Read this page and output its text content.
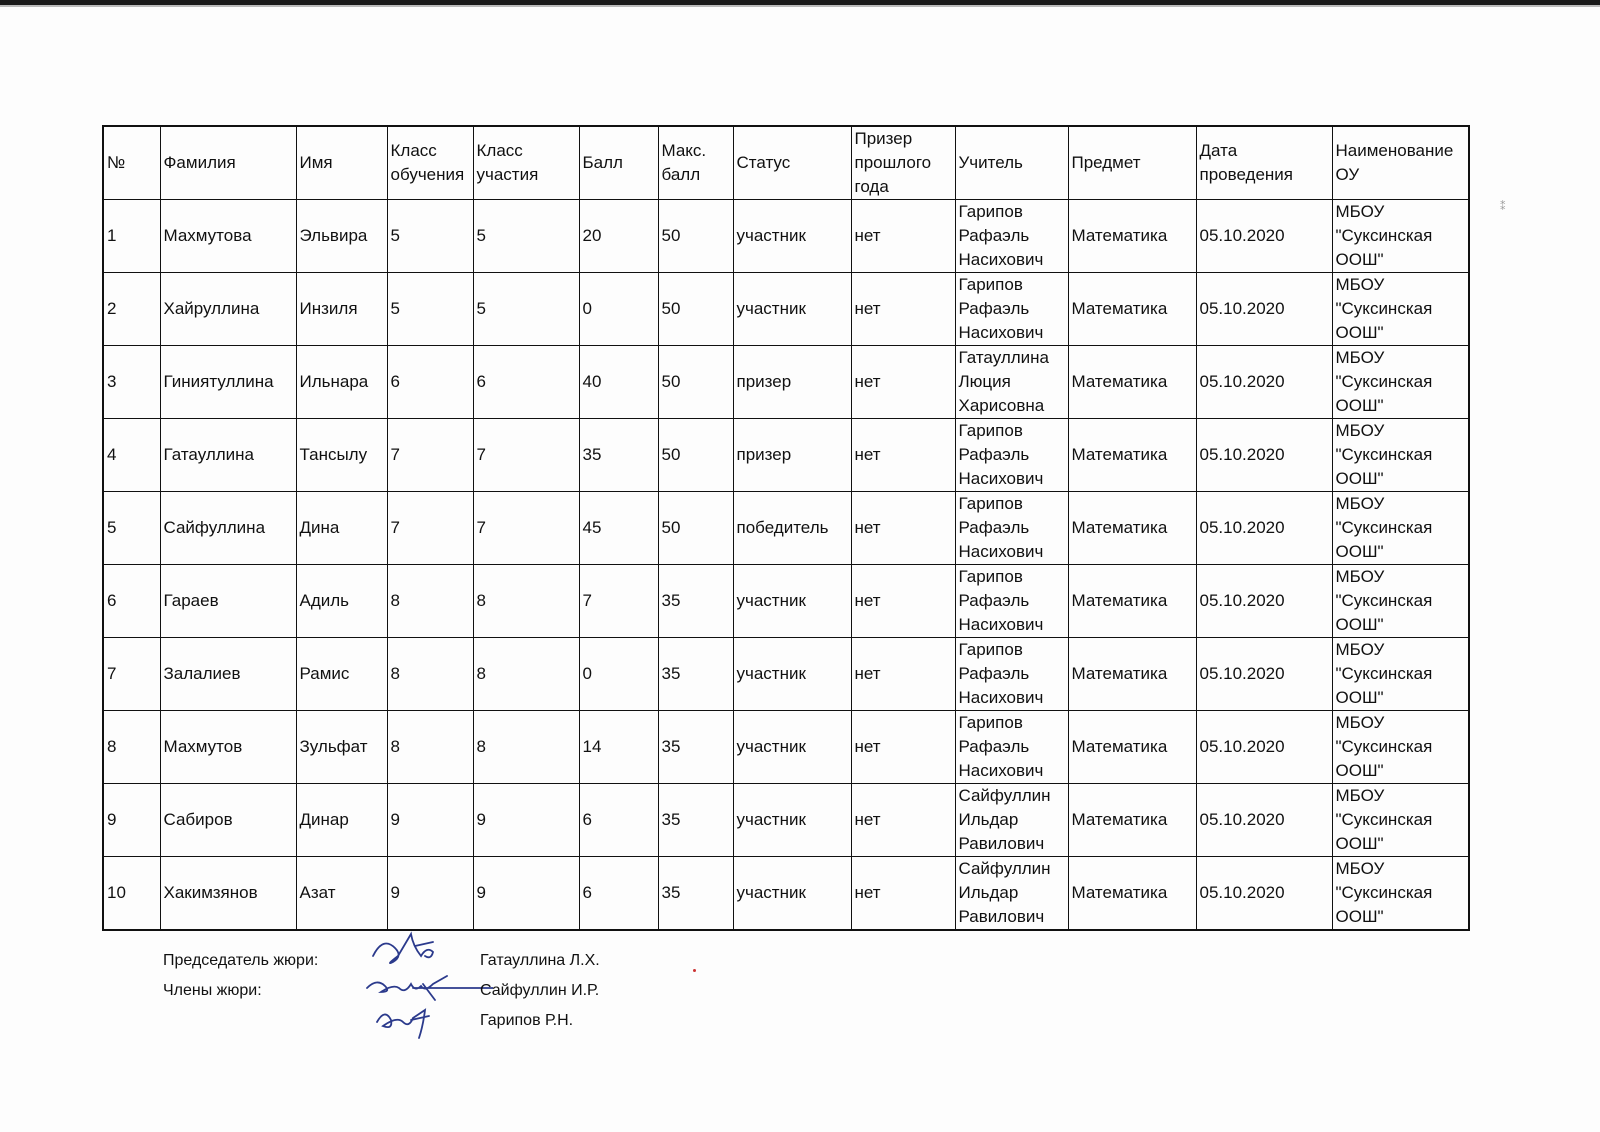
⁑
№	Фамилия	Имя	Класс обучения	Класс участия	Балл	Макс. балл	Статус	Призер прошлого года	Учитель	Предмет	Дата проведения	Наименование ОУ
1	Махмутова	Эльвира	5	5	20	50	участник	нет	Гарипов Рафаэль Насихович	Математика	05.10.2020	МБОУ "Суксинская ООШ"
2	Хайруллина	Инзиля	5	5	0	50	участник	нет	Гарипов Рафаэль Насихович	Математика	05.10.2020	МБОУ "Суксинская ООШ"
3	Гиниятуллина	Ильнара	6	6	40	50	призер	нет	Гатауллина Люция Харисовна	Математика	05.10.2020	МБОУ "Суксинская ООШ"
4	Гатауллина	Тансылу	7	7	35	50	призер	нет	Гарипов Рафаэль Насихович	Математика	05.10.2020	МБОУ "Суксинская ООШ"
5	Сайфуллина	Дина	7	7	45	50	победитель	нет	Гарипов Рафаэль Насихович	Математика	05.10.2020	МБОУ "Суксинская ООШ"
6	Гараев	Адиль	8	8	7	35	участник	нет	Гарипов Рафаэль Насихович	Математика	05.10.2020	МБОУ "Суксинская ООШ"
7	Залалиев	Рамис	8	8	0	35	участник	нет	Гарипов Рафаэль Насихович	Математика	05.10.2020	МБОУ "Суксинская ООШ"
8	Махмутов	Зульфат	8	8	14	35	участник	нет	Гарипов Рафаэль Насихович	Математика	05.10.2020	МБОУ "Суксинская ООШ"
9	Сабиров	Динар	9	9	6	35	участник	нет	Сайфуллин Ильдар Равилович	Математика	05.10.2020	МБОУ "Суксинская ООШ"
10	Хакимзянов	Азат	9	9	6	35	участник	нет	Сайфуллин Ильдар Равилович	Математика	05.10.2020	МБОУ "Суксинская ООШ"
Председатель жюри:
Члены жюри:
Гатауллина Л.Х.
Сайфуллин И.Р.
Гарипов Р.Н.
